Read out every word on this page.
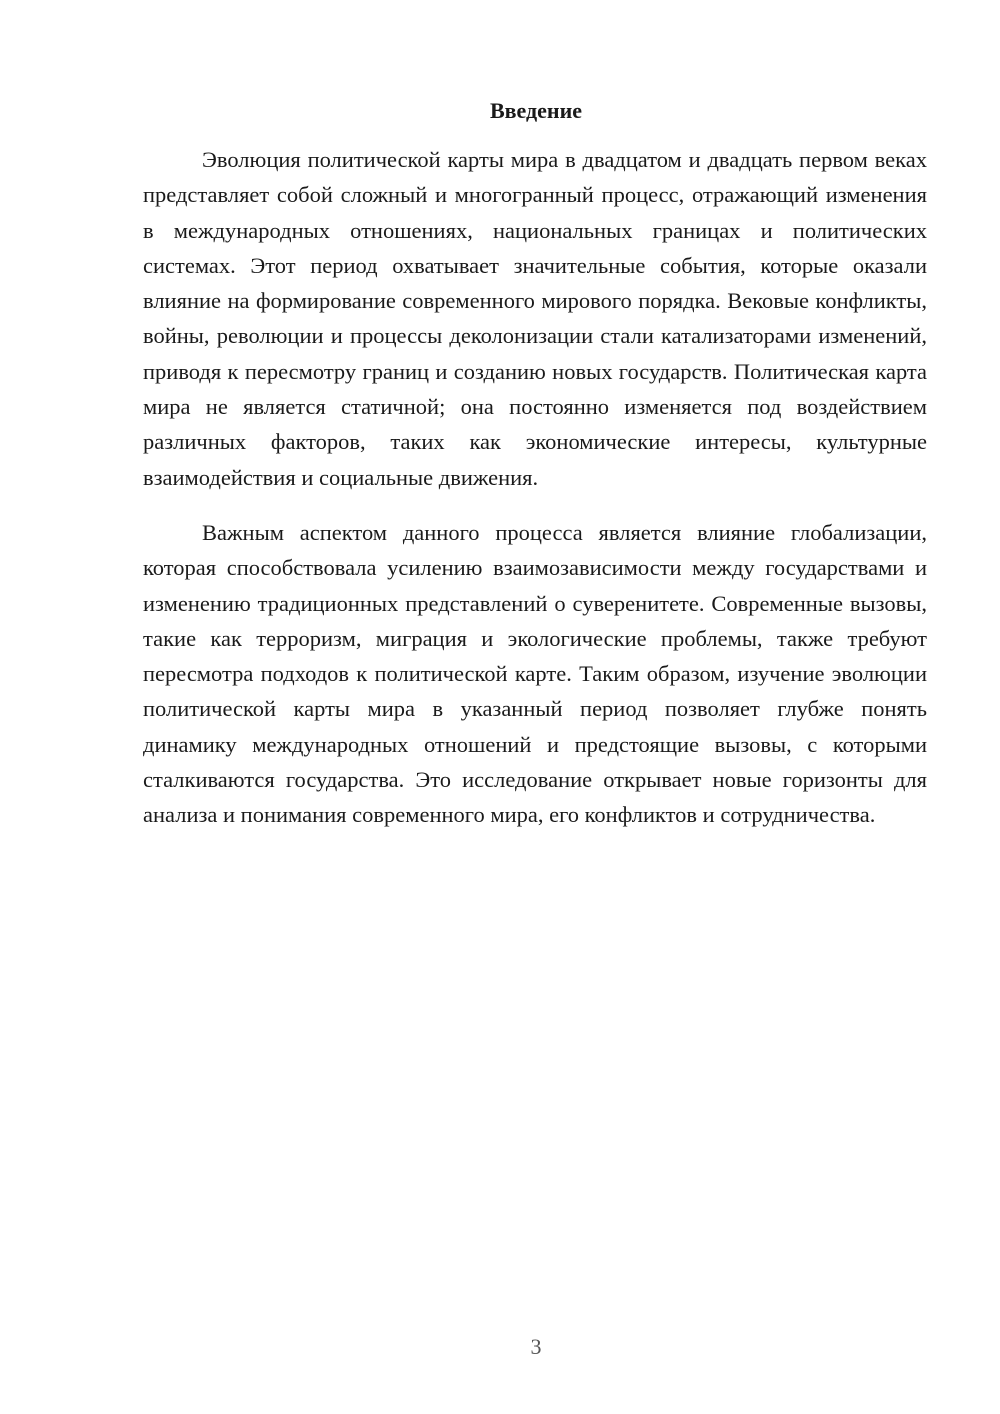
Введение

Эволюция политической карты мира в двадцатом и двадцать первом веках представляет собой сложный и многогранный процесс, отражающий изменения в международных отношениях, национальных границах и политических системах. Этот период охватывает значительные события, которые оказали влияние на формирование современного мирового порядка. Вековые конфликты, войны, революции и процессы деколонизации стали катализаторами изменений, приводя к пересмотру границ и созданию новых государств. Политическая карта мира не является статичной; она постоянно изменяется под воздействием различных факторов, таких как экономические интересы, культурные взаимодействия и социальные движения.

Важным аспектом данного процесса является влияние глобализации, которая способствовала усилению взаимозависимости между государствами и изменению традиционных представлений о суверенитете. Современные вызовы, такие как терроризм, миграция и экологические проблемы, также требуют пересмотра подходов к политической карте. Таким образом, изучение эволюции политической карты мира в указанный период позволяет глубже понять динамику международных отношений и предстоящие вызовы, с которыми сталкиваются государства. Это исследование открывает новые горизонты для анализа и понимания современного мира, его конфликтов и сотрудничества.

3
